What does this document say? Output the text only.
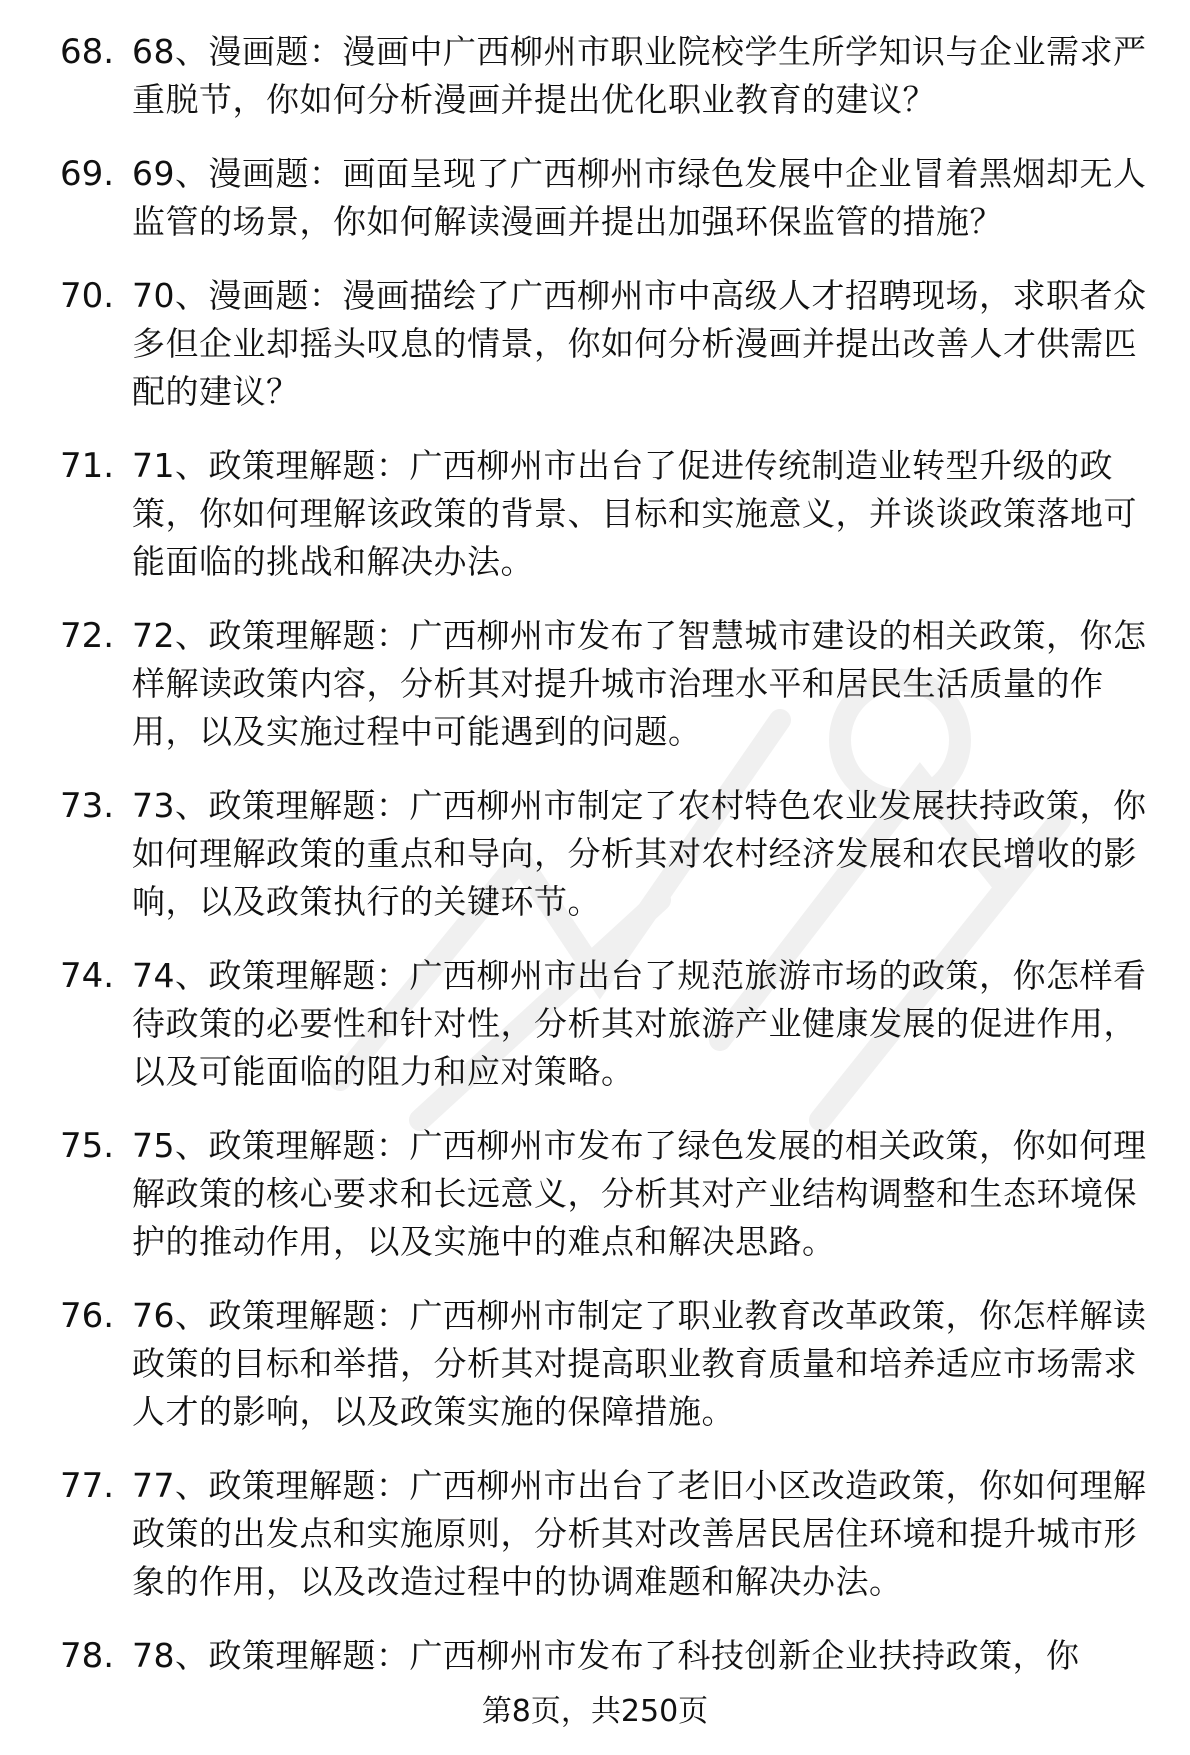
68. 68、漫画题：漫画中广西柳州市职业院校学生所学知识与企业需求严重脱节，你如何分析漫画并提出优化职业教育的建议？
69. 69、漫画题：画面呈现了广西柳州市绿色发展中企业冒着黑烟却无人监管的场景，你如何解读漫画并提出加强环保监管的措施？
70. 70、漫画题：漫画描绘了广西柳州市中高级人才招聘现场，求职者众多但企业却摇头叹息的情景，你如何分析漫画并提出改善人才供需匹配的建议？
71. 71、政策理解题：广西柳州市出台了促进传统制造业转型升级的政策，你如何理解该政策的背景、目标和实施意义，并谈谈政策落地可能面临的挑战和解决办法。
72. 72、政策理解题：广西柳州市发布了智慧城市建设的相关政策，你怎样解读政策内容，分析其对提升城市治理水平和居民生活质量的作用，以及实施过程中可能遇到的问题。
73. 73、政策理解题：广西柳州市制定了农村特色农业发展扶持政策，你如何理解政策的重点和导向，分析其对农村经济发展和农民增收的影响，以及政策执行的关键环节。
74. 74、政策理解题：广西柳州市出台了规范旅游市场的政策，你怎样看待政策的必要性和针对性，分析其对旅游产业健康发展的促进作用，以及可能面临的阻力和应对策略。
75. 75、政策理解题：广西柳州市发布了绿色发展的相关政策，你如何理解政策的核心要求和长远意义，分析其对产业结构调整和生态环境保护的推动作用，以及实施中的难点和解决思路。
76. 76、政策理解题：广西柳州市制定了职业教育改革政策，你怎样解读政策的目标和举措，分析其对提高职业教育质量和培养适应市场需求人才的影响，以及政策实施的保障措施。
77. 77、政策理解题：广西柳州市出台了老旧小区改造政策，你如何理解政策的出发点和实施原则，分析其对改善居民居住环境和提升城市形象的作用，以及改造过程中的协调难题和解决办法。
78. 78、政策理解题：广西柳州市发布了科技创新企业扶持政策，你
第8页，共250页
